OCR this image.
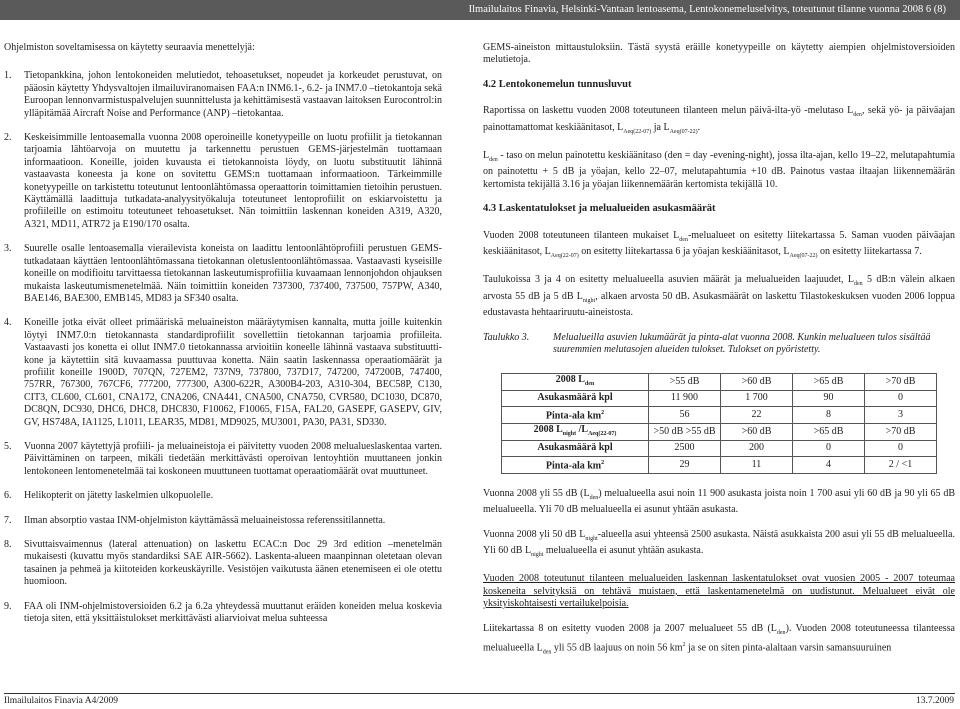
Ilmailulaitos Finavia, Helsinki-Vantaan lentoasema, Lentokonemeluselvitys, toteutunut tilanne vuonna 2008 6 (8)

Ohjelmiston soveltamisessa on käytetty seuraavia menettelyjä:

1. Tietopankkina, johon lentokoneiden melutiedot, tehoasetukset, nopeudet ja korkeudet perustuvat, on pääosin käytetty Yhdysvaltojen ilmailuviranomaisen FAA:n INM6.1-, 6.2- ja INM7.0 –tietokantoja sekä Euroopan lennonvarmistuspalvelujen suunnittelusta ja kehittämisestä vastaavan laitoksen Eurocontrol:in ylläpitämää Aircraft Noise and Performance (ANP) –tietokantaa.
2. Keskeisimmille lentoasemalla vuonna 2008 operoineille konetyypeille on luotu profiilit ja tietokannan tarjoamia lähtöarvoja on muutettu ja tarkennettu perustuen GEMS-järjestelmän tuottamaan informaatioon. Koneille, joiden kuvausta ei tietokannoista löydy, on luotu substituutit lähinnä vastaavasta koneesta ja kone on sovitettu GEMS:n tuottamaan informaatioon. Tärkeimmille konetyypeille on tarkistettu toteutunut lentoonlähtömassa operaattorin toimittamien tietoihin perustuen. Käyttämällä laadittuja tutkadata-analyysityökaluja toteutuneet lentoprofiilit on eskiarvoistettu ja profiileille on estimoitu toteutuneet tehoasetukset. Nän toimittiin laskennan koneiden A319, A320, A321, MD11, ATR72 ja E190/170 osalta.
3. Suurelle osalle lentoasemalla vierailevista koneista on laadittu lentoonlähtöprofiili perustuen GEMS-tutkadataan käyttäen lentoonlähtömassana tietokannan oletuslentoonlähtömassaa. Vastaavasti kyseisille koneille on modifioitu tarvittaessa tietokannan laskeutumisprofiilia kuvaamaan lennonjohdon ohjauksen mukaista laskeutumismenetelmää. Näin toimittiin koneiden 737300, 737400, 737500, 757PW, A340, BAE146, BAE300, EMB145, MD83 ja SF340 osalta.
4. Koneille jotka eivät olleet primääriskä meluaineiston määräytymisen kannalta, mutta joille kuitenkin löytyi INM7.0:n tietokannasta standardiprofiilit sovellettiin tietokannan tarjoamia profiileita. Vastaavasti jos konetta ei ollut INM7.0 tietokannassa arvioitiin koneelle lähinnä vastaava substituutti-kone ja käytettiin sitä kuvaamassa puuttuvaa konetta. Näin saatin laskennassa operaatiomäärät ja profiilit koneille 1900D, 707QN, 727EM2, 737N9, 737800, 737D17, 747200, 747200B, 747400, 757RR, 767300, 767CF6, 777200, 777300, A300-622R, A300B4-203, A310-304, BEC58P, C130, CIT3, CL600, CL601, CNA172, CNA206, CNA441, CNA500, CNA750, CVR580, DC1030, DC870, DC8QN, DC930, DHC6, DHC8, DHC830, F10062, F10065, F15A, FAL20, GASEPF, GASEPV, GIV, GV, HS748A, IA1125, L1011, LEAR35, MD81, MD9025, MU3001, PA30, PA31, SD330.
5. Vuonna 2007 käytettyjä profiili- ja meluaineistoja ei päivitetty vuoden 2008 melualueslaskentaa varten. Päivittäminen on tarpeen, mikäli tiedetään merkittävästi operoivan lentoyhtiön muuttaneen jonkin lentokoneen lentomenetelmää tai koskoneen muuttuneen tuottamat operaatiomäärät ovat muuttuneet.
6. Helikopterit on jätetty laskelmien ulkopuolelle.
7. Ilman absorptio vastaa INM-ohjelmiston käyttämässä meluaineistossa referenssitilannetta.
8. Sivuttaisvaimennus (lateral attenuation) on laskettu ECAC:n Doc 29 3rd edition –menetelmän mukaisesti (kuvattu myös standardiksi SAE AIR-5662). Laskenta-alueen maanpinnan oletetaan olevan tasainen ja pehmeä ja kiitoteiden korkeuskäyrille. Vesistöjen vaikutusta äänen etenemiseen ei ole otettu huomioon.
9. FAA oli INM-ohjelmistoversioiden 6.2 ja 6.2a yhteydessä muuttanut eräiden koneiden melua koskevia tietoja siten, että yksittäistulokset merkittävästi aliarvioivat melua suhteessa

GEMS-aineiston mittaustuloksiin. Tästä syystä eräille konetyypeille on käytetty aiempien ohjelmistoversioiden melutietoja.

4.2 Lentokonemelun tunnusluvut

Raportissa on laskettu vuoden 2008 toteutuneen tilanteen melun päivä-ilta-yö -melutaso $L_{den}$, sekä yö- ja päiväajan painottamattomat keskiäänitasot, $L_{Aeq(22-07)}$ ja $L_{Aeq(07-22)}$.

$L_{den}$ - taso on melun painotettu keskiäänitaso (den = day -evening-night), jossa ilta-ajan, kello 19–22, melutapahtumia on painotettu + 5 dB ja yöajan, kello 22–07, melutapahtumia +10 dB. Painotus vastaa iltaajan liikennemäärän kertomista tekijällä 3.16 ja yöajan liikennemäärän kertomista tekijällä 10.

4.3 Laskentatulokset ja melualueiden asukasmäärät

Vuoden 2008 toteutuneen tilanteen mukaiset $L_{den}$-melualueet on esitetty liitekartassa 5. Saman vuoden päiväajan keskiäänitasot, $L_{Aeq(22-07)}$ on esitetty liitekartassa 6 ja yöajan keskiäänitasot, $L_{Aeq(07-22)}$ on esitetty liitekartassa 7.

Taulukoissa 3 ja 4 on esitetty melualueella asuvien määrät ja melualueiden laajuudet, $L_{den}$ 5 dB:n välein alkaen arvosta 55 dB ja 5 dB $L_{night}$, alkaen arvosta 50 dB. Asukasmäärät on laskettu Tilastokeskuksen vuoden 2006 loppua edustavasta hehtaariruutu-aineistosta.

Taulukko 3. Melualueilla asuvien lukumäärät ja pinta-alat vuonna 2008. Kunkin melualueen tulos sisältää suuremmien melutasojen alueiden tulokset. Tulokset on pyöristetty.
2008 $L_{den}$	>55 dB	>60 dB	>65 dB	>70 dB
Asukasmäärä kpl	11 900	1 700	90	0
Pinta-ala $km^2$	56	22	8	3
2008 $L_{night}$ $/L_{Aeq(22-07)}$	>50 dB >55 dB	>60 dB	>65 dB	>70 dB
Asukasmäärä kpl	2500	200	0	0
Pinta-ala $km^2$	29	11	4	2 / <1

Vuonna 2008 yli 55 dB $(L_{den})$ melualueella asui noin 11 900 asukasta joista noin 1 700 asui yli 60 dB ja 90 yli 65 dB melualueella. Yli 70 dB melualueella ei asunut yhtään asukasta.

Vuonna 2008 yli 50 dB $L_{night}$-alueella asui yhteensä 2500 asukasta. Näistä asukkaista 200 asui yli 55 dB melualueella. Yli 60 dB $L_{night}$ melualueella ei asunut yhtään asukasta.

Vuoden 2008 toteutunut tilanteen melualueiden laskennan laskentatulokset ovat vuosien 2005 - 2007 toteumaa koskeneita selvityksiä on tehtävä muistaen, että laskentamenetelmä on uudistunut. Melualueet eivät ole yksityiskohtaisesti vertailukelpoisia.

Liitekartassa 8 on esitetty vuoden 2008 ja 2007 melualueet 55 dB $(L_{den})$. Vuoden 2008 toteutuneessa tilanteessa melualueella $L_{den}$ yli 55 dB laajuus on noin 56 $km^2$ ja se on siten pinta-alaltaan varsin samansuuruinen

Ilmailulaitos Finavia A4/2009	13.7.2009
